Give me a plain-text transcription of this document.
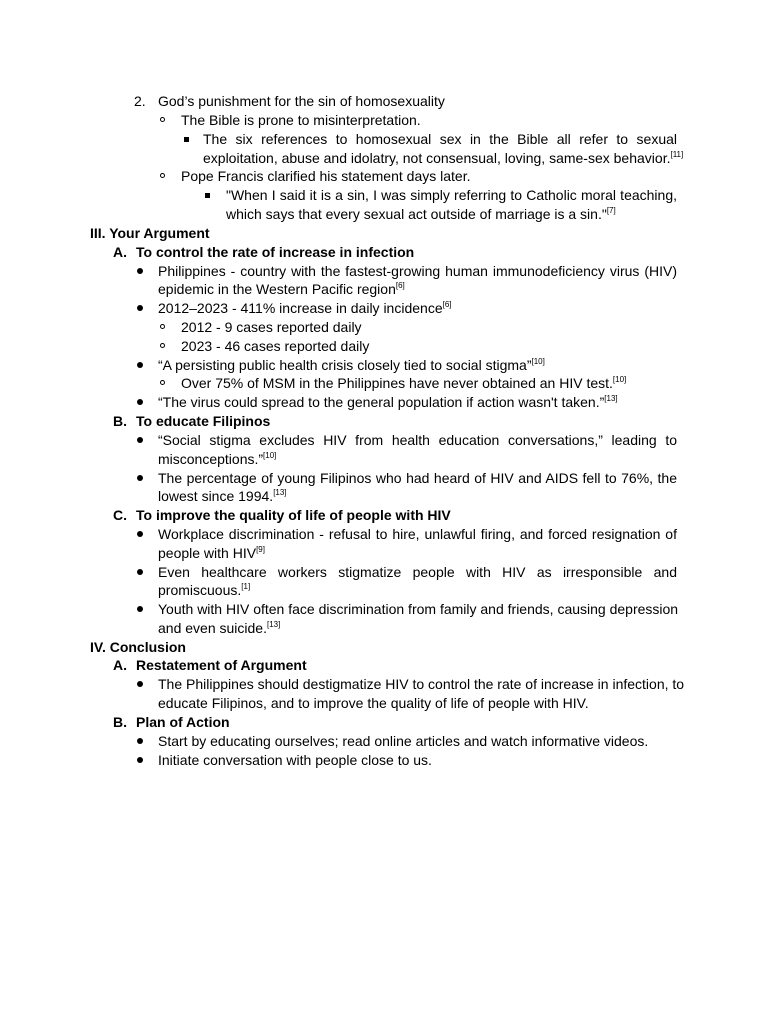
2. God’s punishment for the sin of homosexuality
The Bible is prone to misinterpretation.
The six references to homosexual sex in the Bible all refer to sexual
exploitation, abuse and idolatry, not consensual, loving, same-sex behavior.[11]
Pope Francis clarified his statement days later.
"When I said it is a sin, I was simply referring to Catholic moral teaching,
which says that every sexual act outside of marriage is a sin."[7]
III. Your Argument
A. To control the rate of increase in infection
Philippines - country with the fastest-growing human immunodeficiency virus (HIV)
epidemic in the Western Pacific region[6]
2012–2023 - 411% increase in daily incidence[6]
2012 - 9 cases reported daily
2023 - 46 cases reported daily
“A persisting public health crisis closely tied to social stigma”[10]
Over 75% of MSM in the Philippines have never obtained an HIV test.[10]
“The virus could spread to the general population if action wasn't taken.”[13]
B. To educate Filipinos
“Social stigma excludes HIV from health education conversations,” leading to
misconceptions.”[10]
The percentage of young Filipinos who had heard of HIV and AIDS fell to 76%, the
lowest since 1994.[13]
C. To improve the quality of life of people with HIV
Workplace discrimination - refusal to hire, unlawful firing, and forced resignation of
people with HIV[9]
Even healthcare workers stigmatize people with HIV as irresponsible and
promiscuous.[1]
Youth with HIV often face discrimination from family and friends, causing depression
and even suicide.[13]
IV. Conclusion
A. Restatement of Argument
The Philippines should destigmatize HIV to control the rate of increase in infection, to
educate Filipinos, and to improve the quality of life of people with HIV.
B. Plan of Action
Start by educating ourselves; read online articles and watch informative videos.
Initiate conversation with people close to us.
